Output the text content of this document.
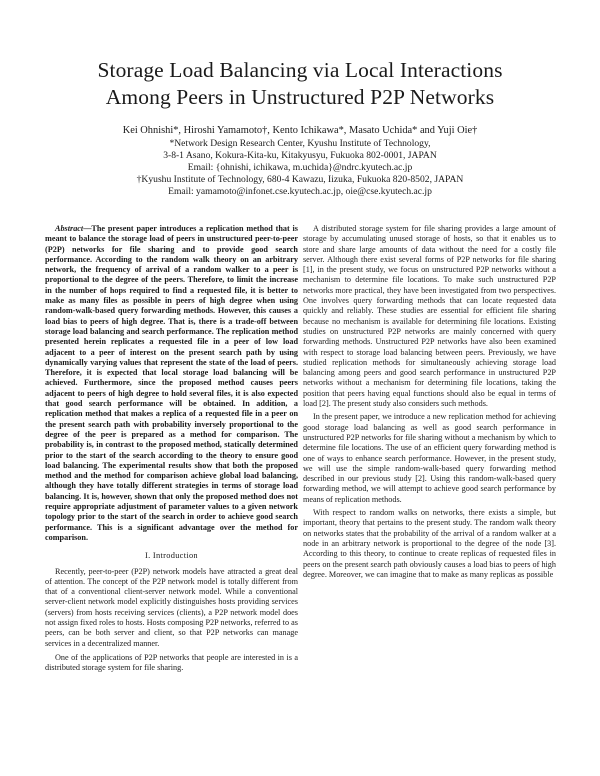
Storage Load Balancing via Local Interactions
Among Peers in Unstructured P2P Networks
Kei Ohnishi*, Hiroshi Yamamoto†, Kento Ichikawa*, Masato Uchida* and Yuji Oie†
*Network Design Research Center, Kyushu Institute of Technology,
3-8-1 Asano, Kokura-Kita-ku, Kitakyusyu, Fukuoka 802-0001, JAPAN
Email: {ohnishi, ichikawa, m.uchida}@ndrc.kyutech.ac.jp
†Kyushu Institute of Technology, 680-4 Kawazu, Iizuka, Fukuoka 820-8502, JAPAN
Email: yamamoto@infonet.cse.kyutech.ac.jp, oie@cse.kyutech.ac.jp

Abstract—The present paper introduces a replication method that is meant to balance the storage load of peers in unstructured peer-to-peer (P2P) networks for file sharing and to provide good search performance. According to the random walk theory on an arbitrary network, the frequency of arrival of a random walker to a peer is proportional to the degree of the peers. Therefore, to limit the increase in the number of hops required to find a requested file, it is better to make as many files as possible in peers of high degree when using random-walk-based query forwarding methods. However, this causes a load bias to peers of high degree. That is, there is a trade-off between storage load balancing and search performance. The replication method presented herein replicates a requested file in a peer of low load adjacent to a peer of interest on the present search path by using dynamically varying values that represent the state of the load of peers. Therefore, it is expected that local storage load balancing will be achieved. Furthermore, since the proposed method causes peers adjacent to peers of high degree to hold several files, it is also expected that good search performance will be obtained. In addition, a replication method that makes a replica of a requested file in a peer on the present search path with probability inversely proportional to the degree of the peer is prepared as a method for comparison. The probability is, in contrast to the proposed method, statically determined prior to the start of the search according to the theory to ensure good load balancing. The experimental results show that both the proposed method and the method for comparison achieve global load balancing, although they have totally different strategies in terms of storage load balancing. It is, however, shown that only the proposed method does not require appropriate adjustment of parameter values to a given network topology prior to the start of the search in order to achieve good search performance. This is a significant advantage over the method for comparison.

I. Introduction

Recently, peer-to-peer (P2P) network models have attracted a great deal of attention. The concept of the P2P network model is totally different from that of a conventional client-server network model. While a conventional server-client network model explicitly distinguishes hosts providing services (servers) from hosts receiving services (clients), a P2P network model does not assign fixed roles to hosts. Hosts composing P2P networks, referred to as peers, can be both server and client, so that P2P networks can manage services in a decentralized manner.

One of the applications of P2P networks that people are interested in is a distributed storage system for file sharing.

A distributed storage system for file sharing provides a large amount of storage by accumulating unused storage of hosts, so that it enables us to store and share large amounts of data without the need for a costly file server. Although there exist several forms of P2P networks for file sharing [1], in the present study, we focus on unstructured P2P networks without a mechanism to determine file locations. To make such unstructured P2P networks more practical, they have been investigated from two perspectives. One involves query forwarding methods that can locate requested data quickly and reliably. These studies are essential for efficient file sharing because no mechanism is available for determining file locations. Existing studies on unstructured P2P networks are mainly concerned with query forwarding methods. Unstructured P2P networks have also been examined with respect to storage load balancing between peers. Previously, we have studied replication methods for simultaneously achieving storage load balancing among peers and good search performance in unstructured P2P networks without a mechanism for determining file locations, taking the position that peers having equal functions should also be equal in terms of load [2]. The present study also considers such methods.

In the present paper, we introduce a new replication method for achieving good storage load balancing as well as good search performance in unstructured P2P networks for file sharing without a mechanism by which to determine file locations. The use of an efficient query forwarding method is one of ways to enhance search performance. However, in the present study, we will use the simple random-walk-based query forwarding method described in our previous study [2]. Using this random-walk-based query forwarding method, we will attempt to achieve good search performance by means of replication methods.

With respect to random walks on networks, there exists a simple, but important, theory that pertains to the present study. The random walk theory on networks states that the probability of the arrival of a random walker at a node in an arbitrary network is proportional to the degree of the node [3]. According to this theory, to continue to create replicas of requested files in peers on the present search path obviously causes a load bias to peers of high degree. Moreover, we can imagine that to make as many replicas as possible
